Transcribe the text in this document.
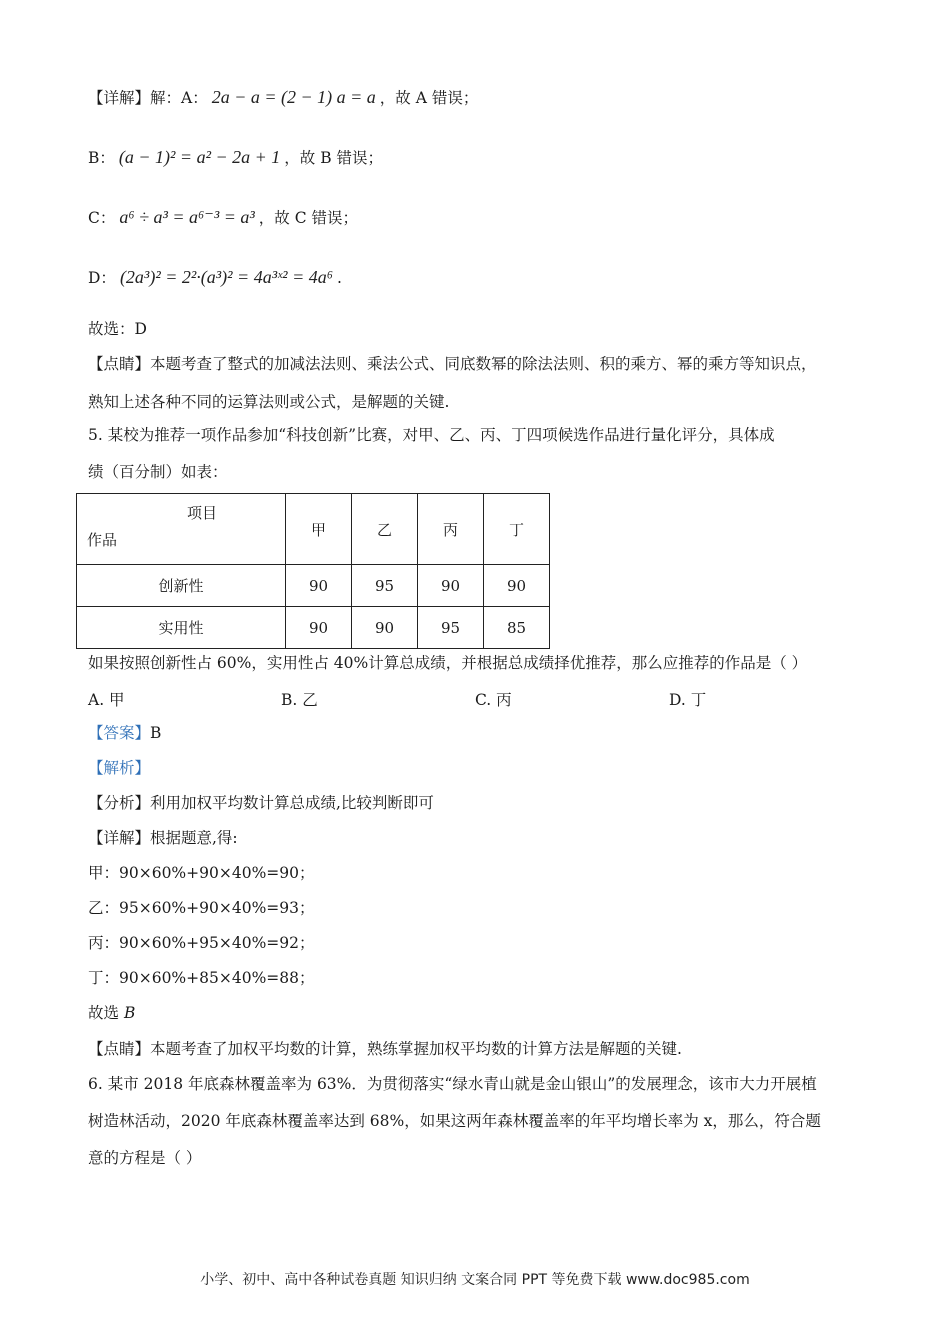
【详解】解：A： 2a − a = (2 − 1) a = a ，故 A 错误；
B： (a − 1)² = a² − 2a + 1 ，故 B 错误；
C： a⁶ ÷ a³ = a⁶⁻³ = a³ ，故 C 错误；
D： (2a³)² = 2²·(a³)² = 4a³ˣ² = 4a⁶ .
故选：D
【点睛】本题考查了整式的加减法法则、乘法公式、同底数幂的除法法则、积的乘方、幂的乘方等知识点，
熟知上述各种不同的运算法则或公式，是解题的关键.
5. 某校为推荐一项作品参加“科技创新”比赛，对甲、乙、丙、丁四项候选作品进行量化评分，具体成
绩（百分制）如表：
项目
作品	甲	乙	丙	丁
创新性	90	95	90	90
实用性	90	90	95	85
如果按照创新性占 60%，实用性占 40%计算总成绩，并根据总成绩择优推荐，那么应推荐的作品是（ ）
A. 甲	B. 乙	C. 丙	D. 丁
【答案】B
【解析】
【分析】利用加权平均数计算总成绩,比较判断即可
【详解】根据题意,得:
甲：90×60%+90×40%=90；
乙：95×60%+90×40%=93；
丙：90×60%+95×40%=92；
丁：90×60%+85×40%=88；
故选 B
【点睛】本题考查了加权平均数的计算，熟练掌握加权平均数的计算方法是解题的关键.
6. 某市 2018 年底森林覆盖率为 63%．为贯彻落实“绿水青山就是金山银山”的发展理念，该市大力开展植
树造林活动，2020 年底森林覆盖率达到 68%，如果这两年森林覆盖率的年平均增长率为 x，那么，符合题
意的方程是（ ）
小学、初中、高中各种试卷真题 知识归纳 文案合同 PPT 等免费下载 www.doc985.com
